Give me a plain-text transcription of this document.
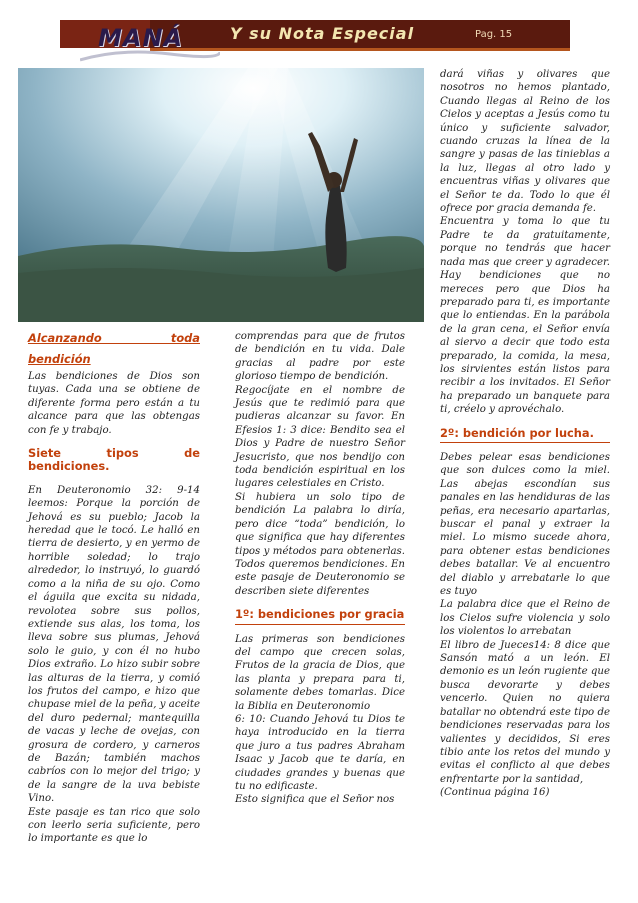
MANÁ	Y su Nota Especial	Pag. 15

Alcanzando toda bendición

Las bendiciones de Dios son tuyas. Cada una se obtiene de diferente forma pero están a tu alcance para que las obtengas con fe y trabajo.

Siete tipos de bendiciones.

En Deuteronomio 32: 9-14 leemos: Porque la porción de Jehová es su pueblo; Jacob la heredad que le tocó. Le halló en tierra de desierto, y en yermo de horrible soledad; lo trajo alrededor, lo instruyó, lo guardó como a la niña de su ojo. Como el águila que excita su nidada, revolotea sobre sus pollos, extiende sus alas, los toma, los lleva sobre sus plumas, Jehová solo le guio, y con él no hubo Dios extraño. Lo hizo subir sobre las alturas de la tierra, y comió los frutos del campo, e hizo que chupase miel de la peña, y aceite del duro pedernal; mantequilla de vacas y leche de ovejas, con grosura de cordero, y carneros de Bazán; también machos cabríos con lo mejor del trigo; y de la sangre de la uva bebiste Vino.

Este pasaje es tan rico que solo con leerlo seria suficiente, pero lo importante es que lo

comprendas para que de frutos de bendición en tu vida. Dale gracias al padre por este glorioso tiempo de bendición.

Regocíjate en el nombre de Jesús que te redimió para que pudieras alcanzar su favor. En Efesios 1: 3 dice: Bendito sea el Dios y Padre de nuestro Señor Jesucristo, que nos bendijo con toda bendición espiritual en los lugares celestiales en Cristo.

Si hubiera un solo tipo de bendición La palabra lo diría, pero dice “toda” bendición, lo que significa que hay diferentes tipos y métodos para obtenerlas. Todos queremos bendiciones. En este pasaje de Deuteronomio se describen siete diferentes

1º: bendiciones por gracia

Las primeras son bendiciones del campo que crecen solas, Frutos de la gracia de Dios, que las planta y prepara para ti, solamente debes tomarlas. Dice la Biblia en Deuteronomio

6: 10: Cuando Jehová tu Dios te haya introducido en la tierra que juro a tus padres Abraham Isaac y Jacob que te daría, en ciudades grandes y buenas que tu no edificaste.

Esto significa que el Señor nos

dará viñas y olivares que nosotros no hemos plantado, Cuando llegas al Reino de los Cielos y aceptas a Jesús como tu único y suficiente salvador, cuando cruzas la línea de la sangre y pasas de las tinieblas a la luz, llegas al otro lado y encuentras viñas y olivares que el Señor te da. Todo lo que él ofrece por gracia demanda fe.

Encuentra y toma lo que tu Padre te da gratuitamente, porque no tendrás que hacer nada mas que creer y agradecer. Hay bendiciones que no mereces pero que Dios ha preparado para ti, es importante que lo entiendas. En la parábola de la gran cena, el Señor envía al siervo a decir que todo esta preparado, la comida, la mesa, los sirvientes están listos para recibir a los invitados. El Señor ha preparado un banquete para ti, créelo y aprovéchalo.

2º: bendición por lucha.

Debes pelear esas bendiciones que son dulces como la miel. Las abejas escondían sus panales en las hendiduras de las peñas, era necesario apartarlas, buscar el panal y extraer la miel. Lo mismo sucede ahora, para obtener estas bendiciones debes batallar. Ve al encuentro del diablo y arrebatarle lo que es tuyo

La palabra dice que el Reino de los Cielos sufre violencia y solo los violentos lo arrebatan

El libro de Jueces14: 8 dice que Sansón mató a un león. El demonio es un león rugiente que busca devorarte y debes vencerlo. Quien no quiera batallar no obtendrá este tipo de bendiciones reservadas para los valientes y decididos, Si eres tibio ante los retos del mundo y evitas el conflicto al que debes enfrentarte por la santidad,

(Continua página 16)
